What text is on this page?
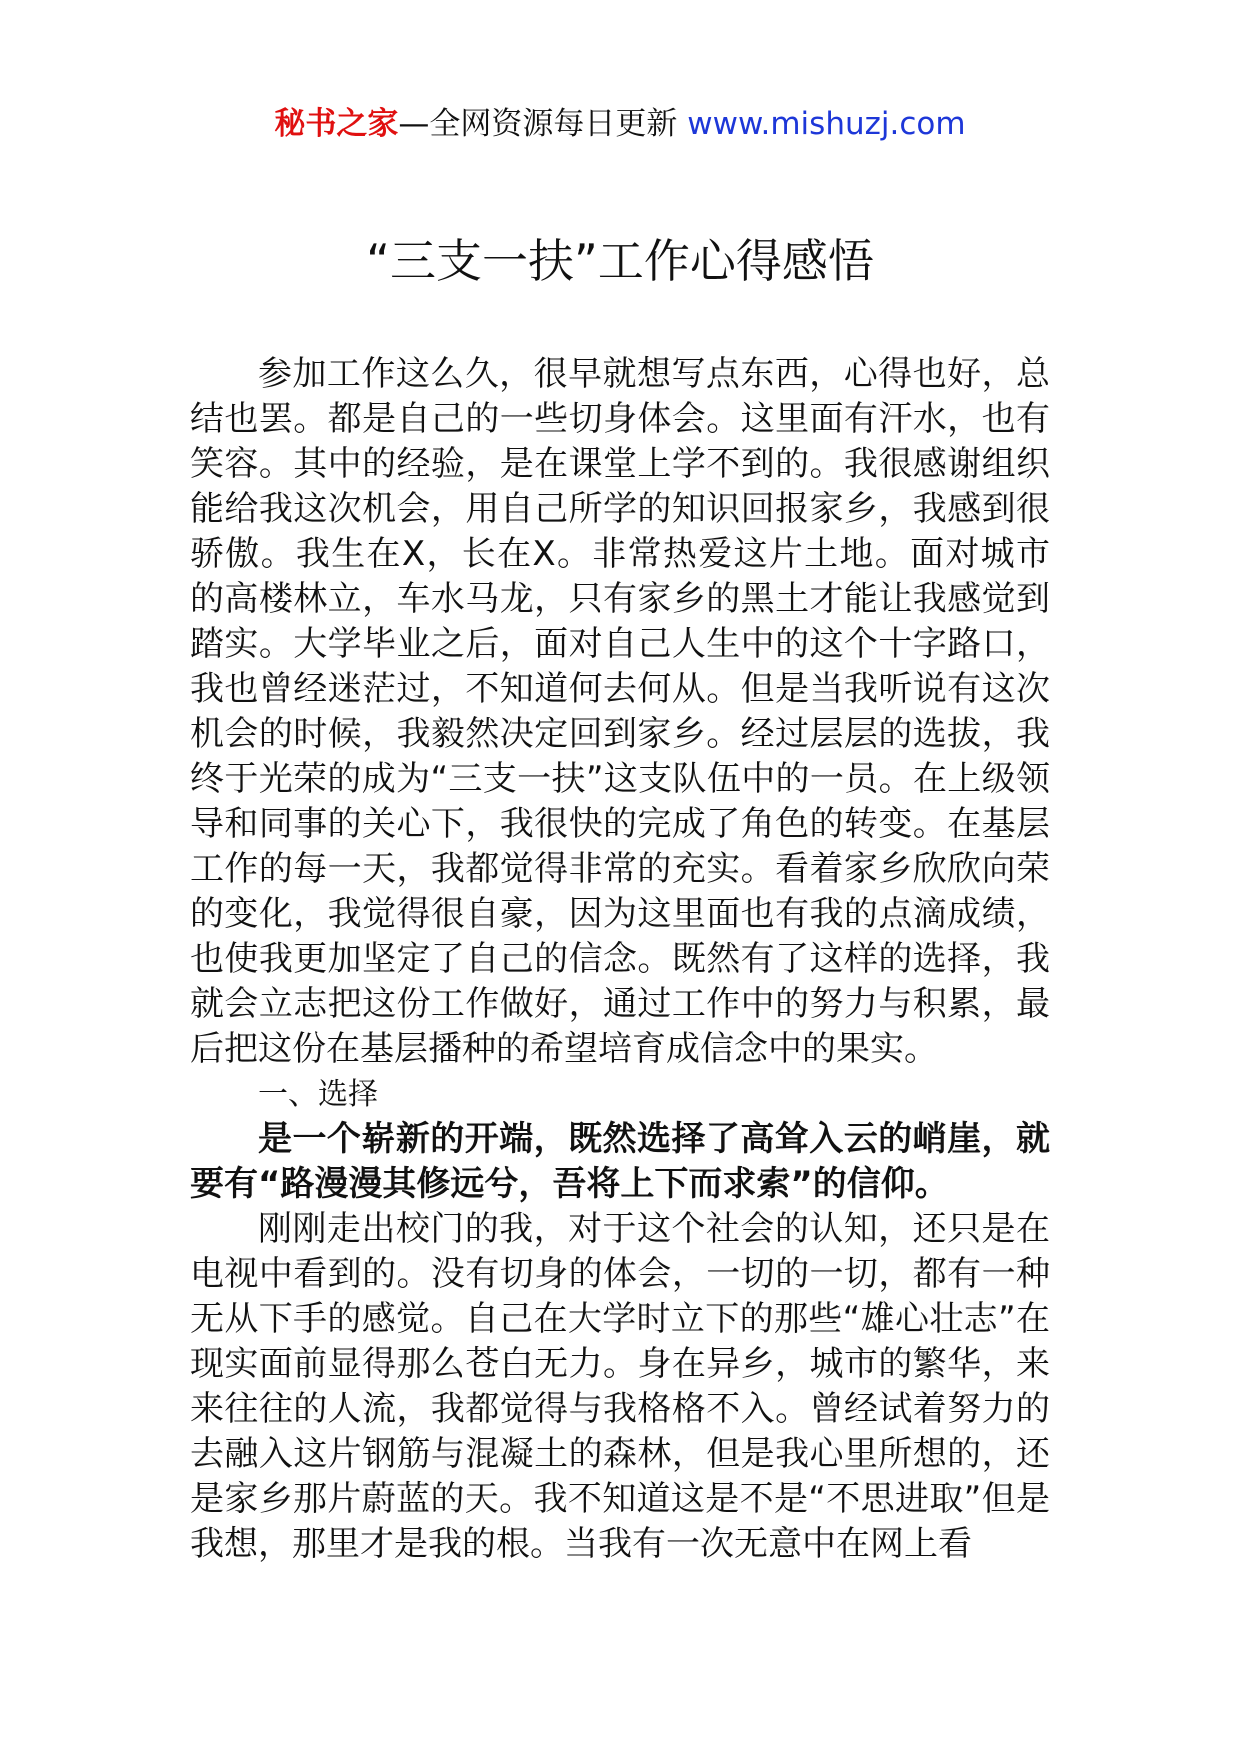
秘书之家—全网资源每日更新 www.mishuzj.com
“三支一扶”工作心得感悟

参加工作这么久，很早就想写点东西，心得也好，总结也罢。都是自己的一些切身体会。这里面有汗水，也有笑容。其中的经验，是在课堂上学不到的。我很感谢组织能给我这次机会，用自己所学的知识回报家乡，我感到很骄傲。我生在X，长在X。非常热爱这片土地。面对城市的高楼林立，车水马龙，只有家乡的黑土才能让我感觉到踏实。大学毕业之后，面对自己人生中的这个十字路口，我也曾经迷茫过，不知道何去何从。但是当我听说有这次机会的时候，我毅然决定回到家乡。经过层层的选拔，我终于光荣的成为“三支一扶”这支队伍中的一员。在上级领导和同事的关心下，我很快的完成了角色的转变。在基层工作的每一天，我都觉得非常的充实。看着家乡欣欣向荣的变化，我觉得很自豪，因为这里面也有我的点滴成绩，也使我更加坚定了自己的信念。既然有了这样的选择，我就会立志把这份工作做好，通过工作中的努力与积累，最后把这份在基层播种的希望培育成信念中的果实。

一、选择

是一个崭新的开端，既然选择了高耸入云的峭崖，就要有“路漫漫其修远兮，吾将上下而求索”的信仰。

刚刚走出校门的我，对于这个社会的认知，还只是在电视中看到的。没有切身的体会，一切的一切，都有一种无从下手的感觉。自己在大学时立下的那些“雄心壮志”在现实面前显得那么苍白无力。身在异乡，城市的繁华，来来往往的人流，我都觉得与我格格不入。曾经试着努力的去融入这片钢筋与混凝土的森林，但是我心里所想的，还是家乡那片蔚蓝的天。我不知道这是不是“不思进取”但是我想，那里才是我的根。当我有一次无意中在网上看
